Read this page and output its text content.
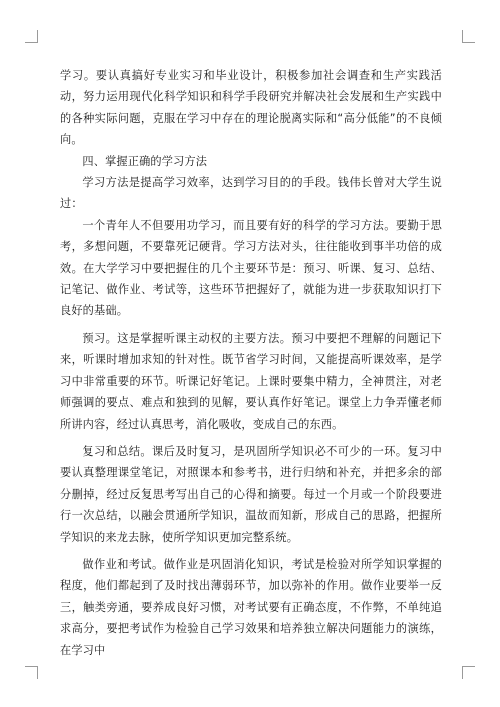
学习。要认真搞好专业实习和毕业设计，积极参加社会调查和生产实践活动，努力运用现代化科学知识和科学手段研究并解决社会发展和生产实践中的各种实际问题，克服在学习中存在的理论脱离实际和“高分低能”的不良倾向。

四、掌握正确的学习方法

学习方法是提高学习效率，达到学习目的的手段。钱伟长曾对大学生说过：

一个青年人不但要用功学习，而且要有好的科学的学习方法。要勤于思考，多想问题，不要靠死记硬背。学习方法对头，往往能收到事半功倍的成效。在大学学习中要把握住的几个主要环节是：预习、听课、复习、总结、记笔记、做作业、考试等，这些环节把握好了，就能为进一步获取知识打下良好的基础。

预习。这是掌握听课主动权的主要方法。预习中要把不理解的问题记下来，听课时增加求知的针对性。既节省学习时间，又能提高听课效率，是学习中非常重要的环节。听课记好笔记。上课时要集中精力，全神贯注，对老师强调的要点、难点和独到的见解，要认真作好笔记。课堂上力争弄懂老师所讲内容，经过认真思考，消化吸收，变成自己的东西。

复习和总结。课后及时复习，是巩固所学知识必不可少的一环。复习中要认真整理课堂笔记，对照课本和参考书，进行归纳和补充，并把多余的部分删掉，经过反复思考写出自己的心得和摘要。每过一个月或一个阶段要进行一次总结，以融会贯通所学知识，温故而知新，形成自己的思路，把握所学知识的来龙去脉，使所学知识更加完整系统。

做作业和考试。做作业是巩固消化知识，考试是检验对所学知识掌握的程度，他们都起到了及时找出薄弱环节，加以弥补的作用。做作业要举一反三，触类旁通，要养成良好习惯，对考试要有正确态度，不作弊，不单纯追求高分，要把考试作为检验自己学习效果和培养独立解决问题能力的演练，在学习中
